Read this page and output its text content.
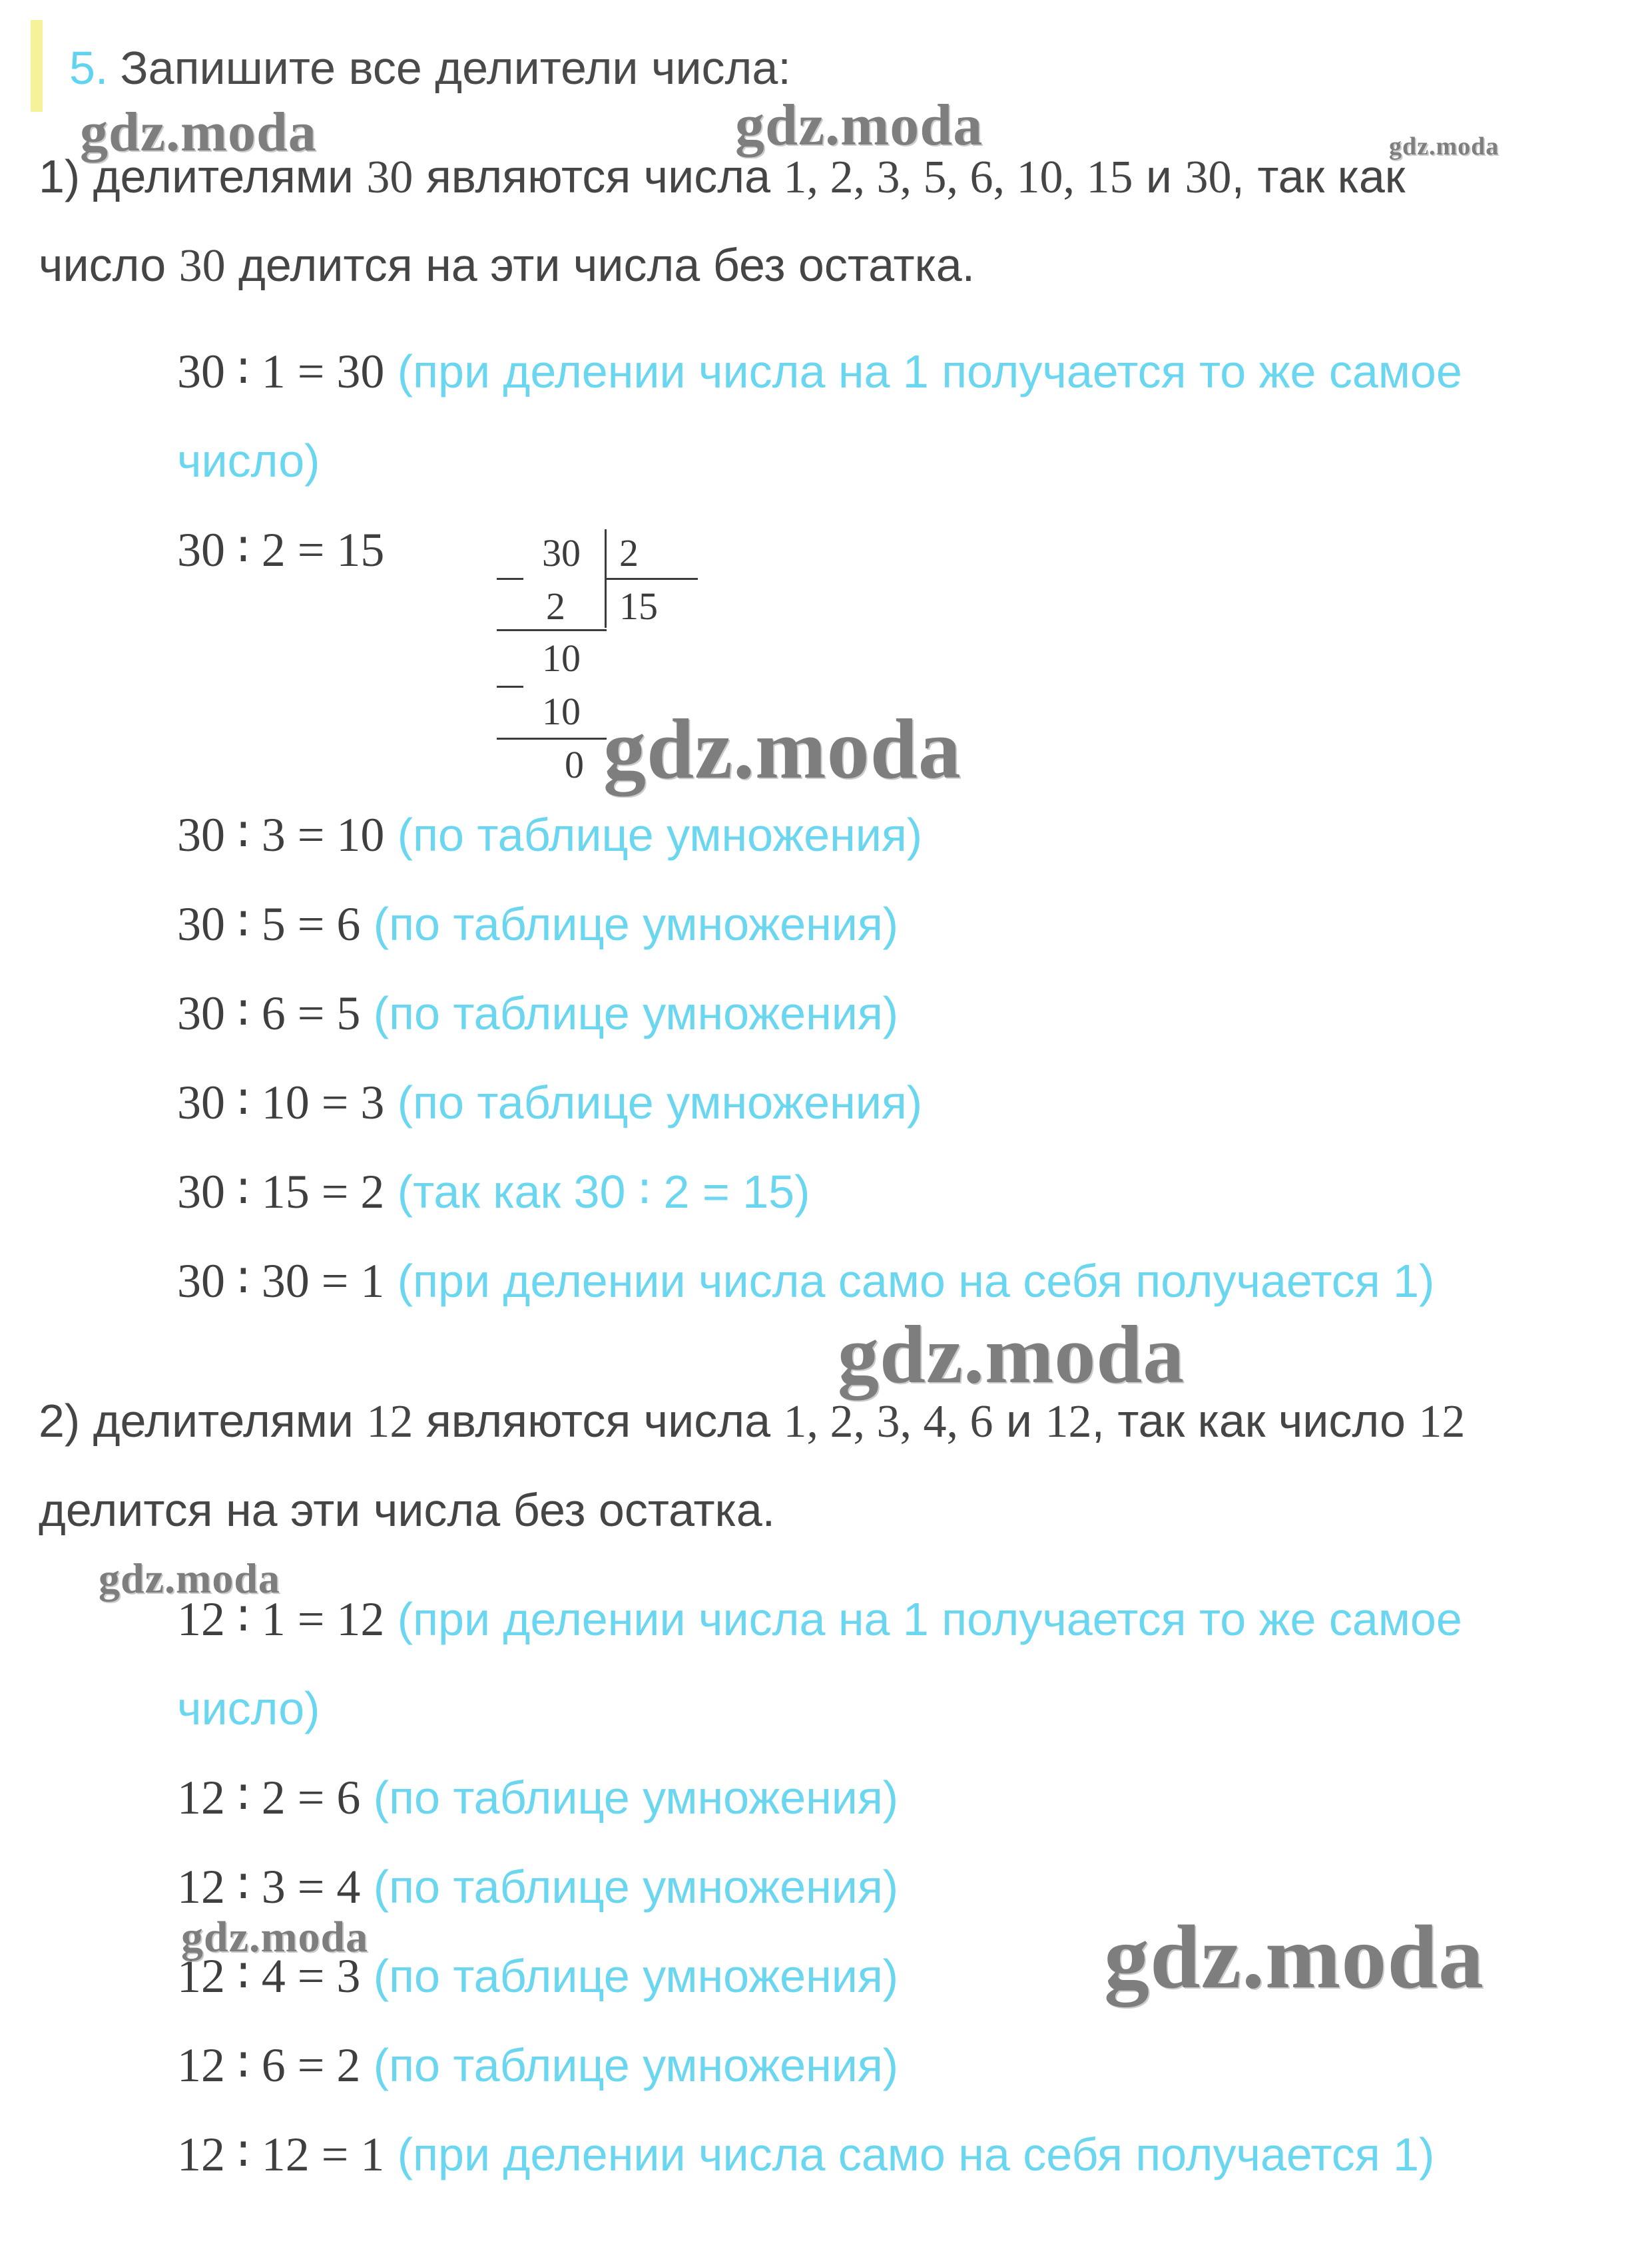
5. Запишите все делители числа:
1) делителями 30 являются числа 1, 2, 3, 5, 6, 10, 15 и 30, так как
число 30 делится на эти числа без остатка.
30 ∶ 1 = 30 (при делении числа на 1 получается то же самое
число)
30 ∶ 2 = 15	30 2
2 15
10
10
0
30 ∶ 3 = 10 (по таблице умножения)
30 ∶ 5 = 6 (по таблице умножения)
30 ∶ 6 = 5 (по таблице умножения)
30 ∶ 10 = 3 (по таблице умножения)
30 ∶ 15 = 2 (так как 30 ∶ 2 = 15)
30 ∶ 30 = 1 (при делении числа само на себя получается 1)
2) делителями 12 являются числа 1, 2, 3, 4, 6 и 12, так как число 12
делится на эти числа без остатка.
12 ∶ 1 = 12 (при делении числа на 1 получается то же самое
число)
12 ∶ 2 = 6 (по таблице умножения)
12 ∶ 3 = 4 (по таблице умножения)
12 ∶ 4 = 3 (по таблице умножения)
12 ∶ 6 = 2 (по таблице умножения)
12 ∶ 12 = 1 (при делении числа само на себя получается 1)
gdz.moda	gdz.moda	gdz.moda
gdz.moda
gdz.moda
gdz.moda
gdz.moda	gdz.moda
